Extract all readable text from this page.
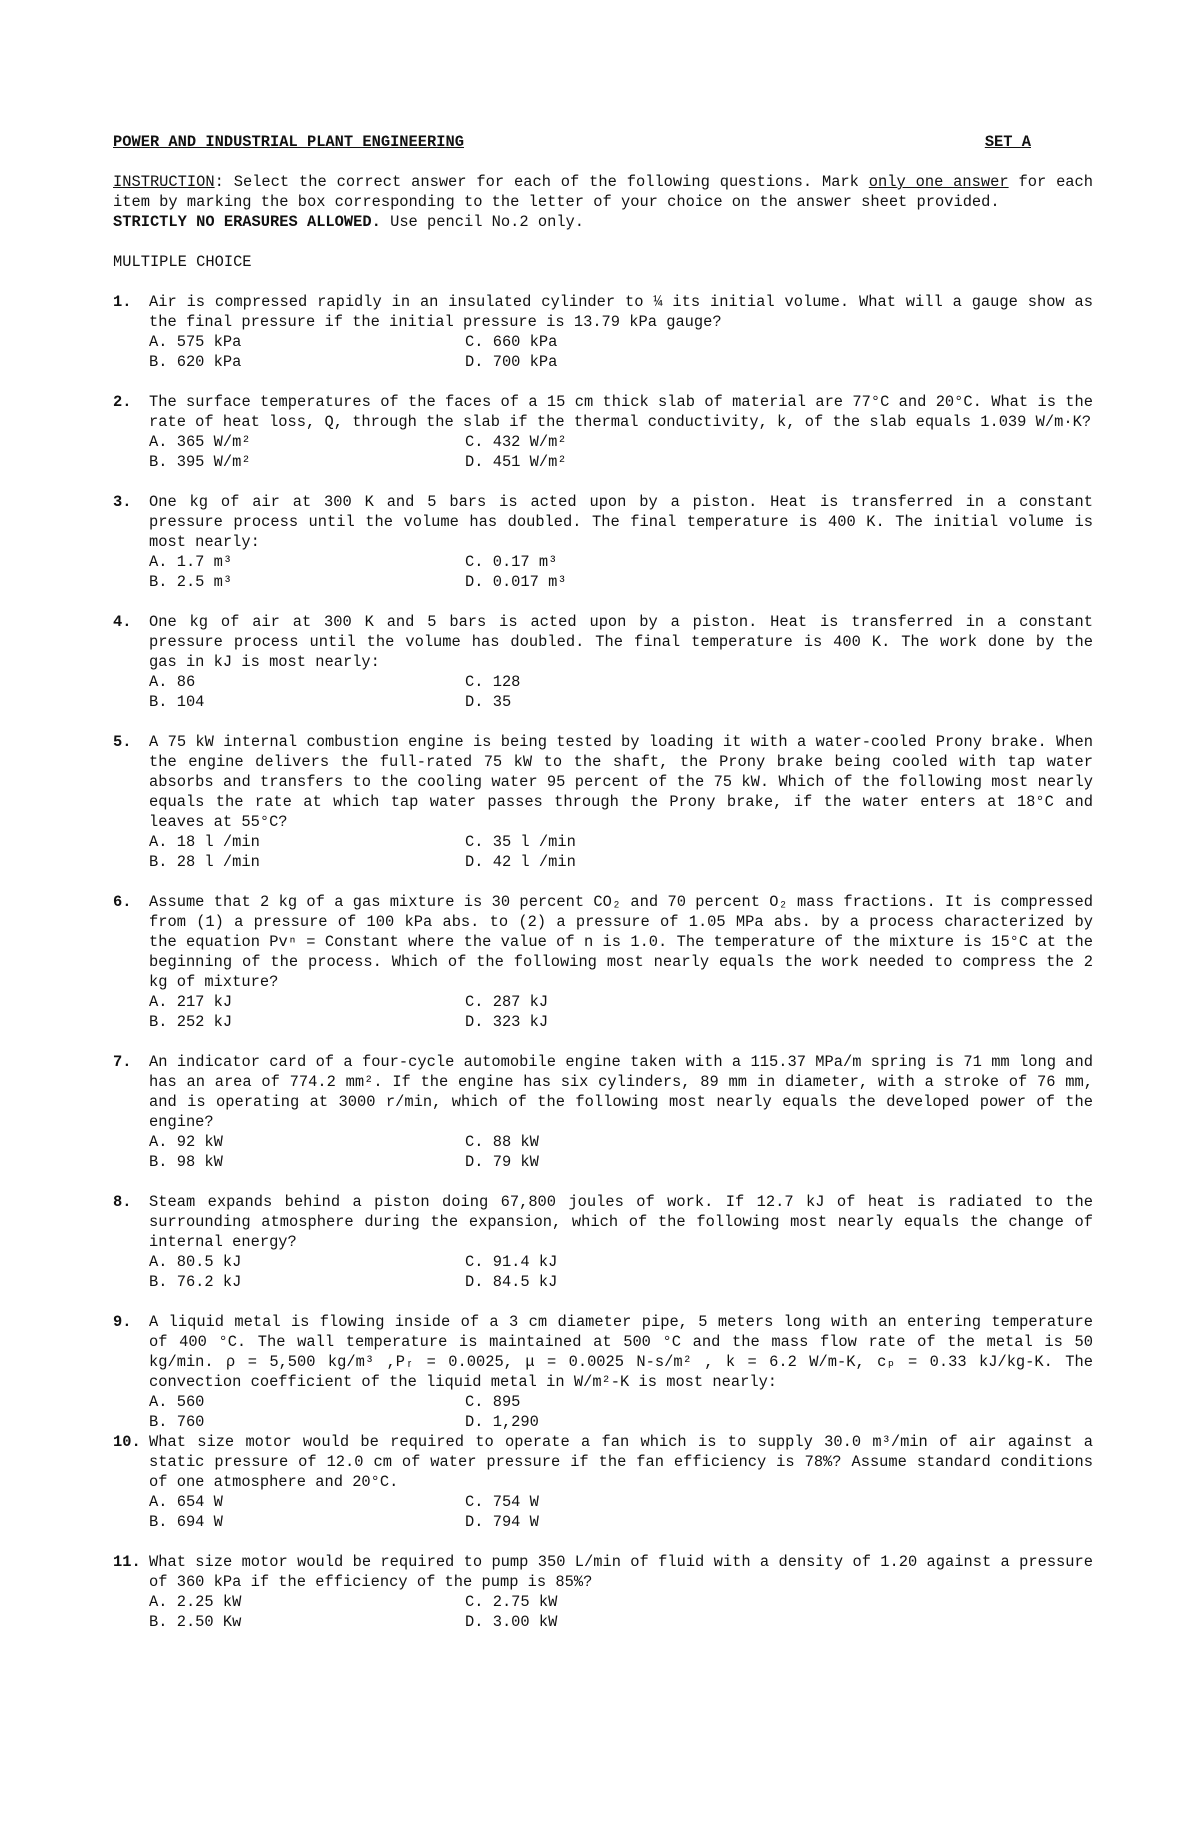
POWER AND INDUSTRIAL PLANT ENGINEERING	SET A
INSTRUCTION: Select the correct answer for each of the following questions. Mark only one answer for each item by marking the box corresponding to the letter of your choice on the answer sheet provided.
STRICTLY NO ERASURES ALLOWED. Use pencil No.2 only.
MULTIPLE CHOICE
1.	Air is compressed rapidly in an insulated cylinder to ¼ its initial volume. What will a gauge show as the final pressure if the initial pressure is 13.79 kPa gauge?
A. 575 kPa	C. 660 kPa
B. 620 kPa	D. 700 kPa
2.	The surface temperatures of the faces of a 15 cm thick slab of material are 77°C and 20°C. What is the rate of heat loss, Q, through the slab if the thermal conductivity, k, of the slab equals 1.039 W/m·K?
A. 365 W/m²	C. 432 W/m²
B. 395 W/m²	D. 451 W/m²
3.	One kg of air at 300 K and 5 bars is acted upon by a piston. Heat is transferred in a constant pressure process until the volume has doubled. The final temperature is 400 K. The initial volume is most nearly:
A. 1.7 m³	C. 0.17 m³
B. 2.5 m³	D. 0.017 m³
4.	One kg of air at 300 K and 5 bars is acted upon by a piston. Heat is transferred in a constant pressure process until the volume has doubled. The final temperature is 400 K. The work done by the gas in kJ is most nearly:
A. 86	C. 128
B. 104	D. 35
5.	A 75 kW internal combustion engine is being tested by loading it with a water-cooled Prony brake. When the engine delivers the full-rated 75 kW to the shaft, the Prony brake being cooled with tap water absorbs and transfers to the cooling water 95 percent of the 75 kW. Which of the following most nearly equals the rate at which tap water passes through the Prony brake, if the water enters at 18°C and leaves at 55°C?
A. 18 l /min	C. 35 l /min
B. 28 l /min	D. 42 l /min
6.	Assume that 2 kg of a gas mixture is 30 percent CO₂ and 70 percent O₂ mass fractions. It is compressed from (1) a pressure of 100 kPa abs. to (2) a pressure of 1.05 MPa abs. by a process characterized by the equation Pvⁿ = Constant where the value of n is 1.0. The temperature of the mixture is 15°C at the beginning of the process. Which of the following most nearly equals the work needed to compress the 2 kg of mixture?
A. 217 kJ	C. 287 kJ
B. 252 kJ	D. 323 kJ
7.	An indicator card of a four-cycle automobile engine taken with a 115.37 MPa/m spring is 71 mm long and has an area of 774.2 mm². If the engine has six cylinders, 89 mm in diameter, with a stroke of 76 mm, and is operating at 3000 r/min, which of the following most nearly equals the developed power of the engine?
A. 92 kW	C. 88 kW
B. 98 kW	D. 79 kW
8.	Steam expands behind a piston doing 67,800 joules of work. If 12.7 kJ of heat is radiated to the surrounding atmosphere during the expansion, which of the following most nearly equals the change of internal energy?
A. 80.5 kJ	C. 91.4 kJ
B. 76.2 kJ	D. 84.5 kJ
9.	A liquid metal is flowing inside of a 3 cm diameter pipe, 5 meters long with an entering temperature of 400 °C. The wall temperature is maintained at 500 °C and the mass flow rate of the metal is 50 kg/min. ρ = 5,500 kg/m³ ,Pᵣ = 0.0025, μ = 0.0025 N-s/m² , k = 6.2 W/m-K, cₚ = 0.33 kJ/kg-K. The convection coefficient of the liquid metal in W/m²-K is most nearly:
A. 560	C. 895
B. 760	D. 1,290
10. What size motor would be required to operate a fan which is to supply 30.0 m³/min of air against a static pressure of 12.0 cm of water pressure if the fan efficiency is 78%? Assume standard conditions of one atmosphere and 20°C.
A. 654 W	C. 754 W
B. 694 W	D. 794 W
11. What size motor would be required to pump 350 L/min of fluid with a density of 1.20 against a pressure of 360 kPa if the efficiency of the pump is 85%?
A. 2.25 kW	C. 2.75 kW
B. 2.50 Kw	D. 3.00 kW
